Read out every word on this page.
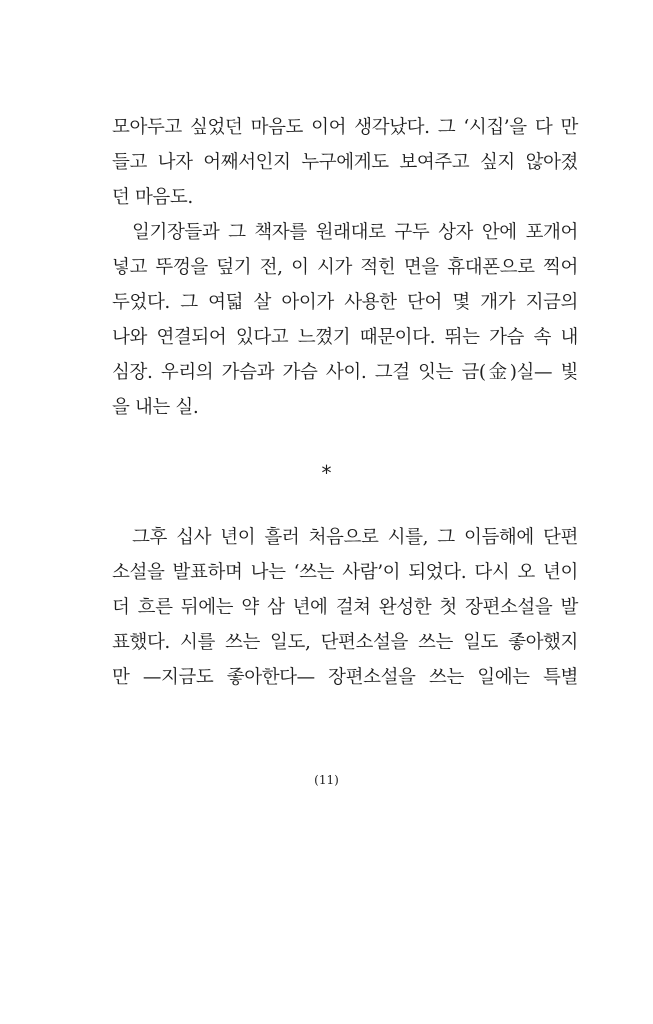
모아두고 싶었던 마음도 이어 생각났다. 그 ‘시집’을 다 만
들고 나자 어째서인지 누구에게도 보여주고 싶지 않아졌
던 마음도.
일기장들과 그 책자를 원래대로 구두 상자 안에 포개어
넣고 뚜껑을 덮기 전, 이 시가 적힌 면을 휴대폰으로 찍어
두었다. 그 여덟 살 아이가 사용한 단어 몇 개가 지금의
나와 연결되어 있다고 느꼈기 때문이다. 뛰는 가슴 속 내
심장. 우리의 가슴과 가슴 사이. 그걸 잇는 금(金)실— 빛
을 내는 실.
*
그후 십사 년이 흘러 처음으로 시를, 그 이듬해에 단편
소설을 발표하며 나는 ‘쓰는 사람’이 되었다. 다시 오 년이
더 흐른 뒤에는 약 삼 년에 걸쳐 완성한 첫 장편소설을 발
표했다. 시를 쓰는 일도, 단편소설을 쓰는 일도 좋아했지
만 —지금도 좋아한다— 장편소설을 쓰는 일에는 특별
(11)
